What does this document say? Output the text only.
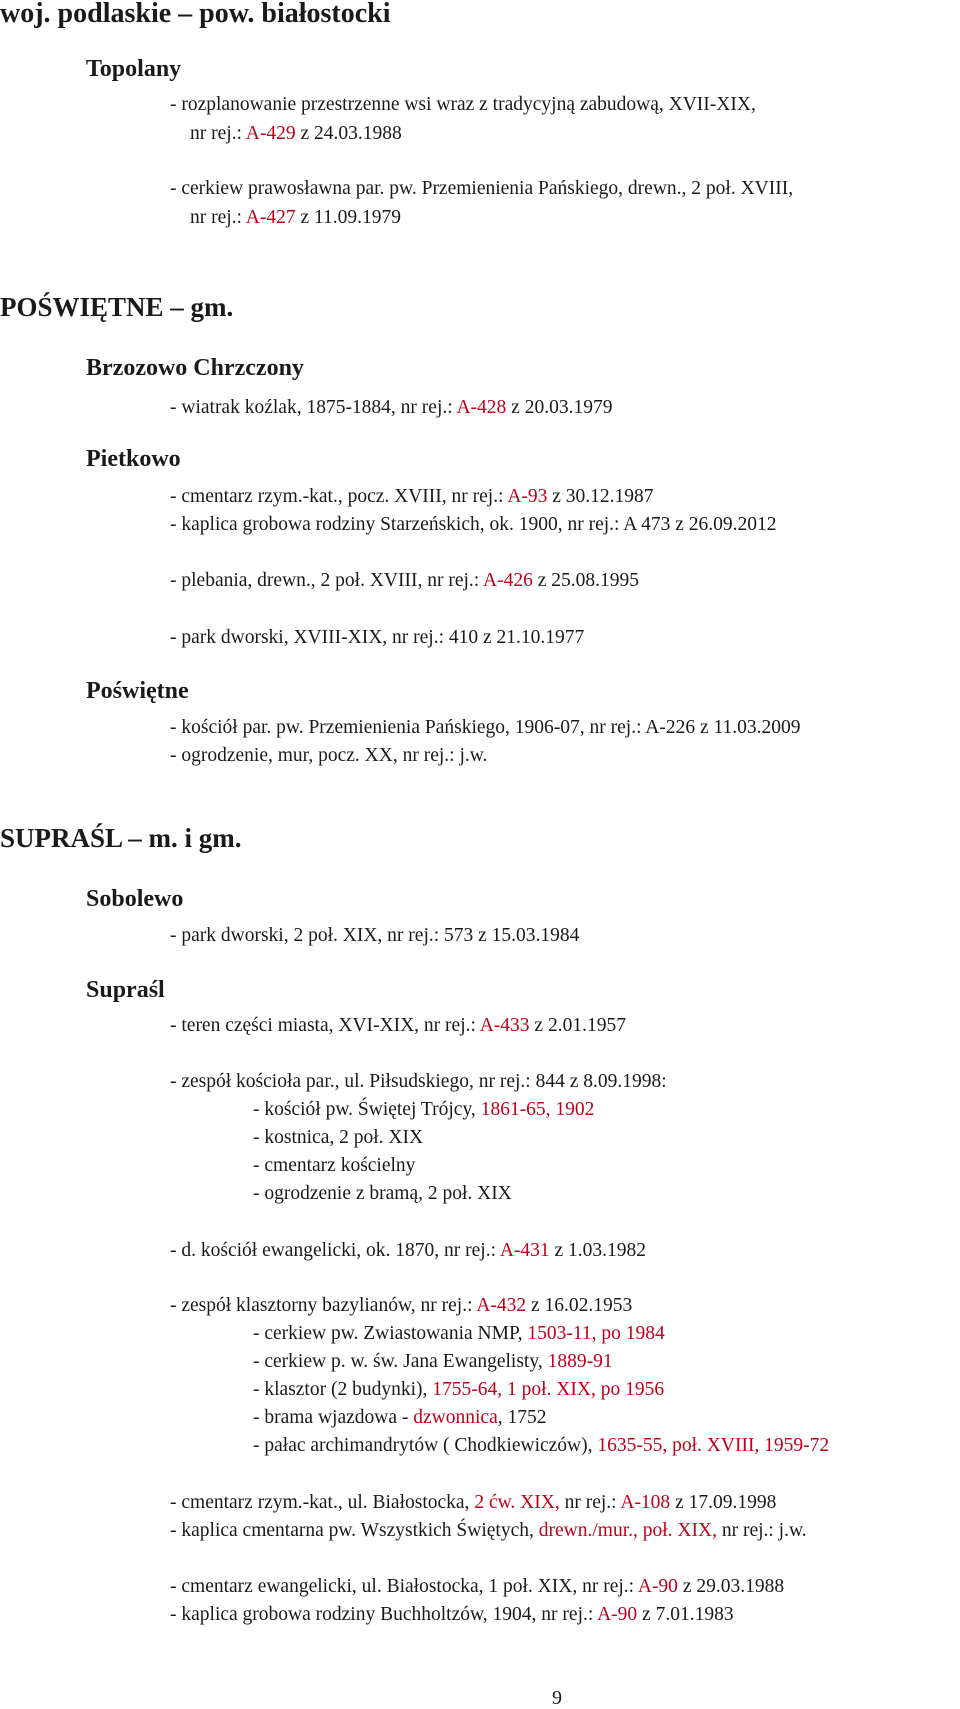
woj. podlaskie – pow. białostocki
Topolany
- rozplanowanie przestrzenne wsi wraz z tradycyjną zabudową, XVII-XIX,
nr rej.: A-429 z 24.03.1988
- cerkiew prawosławna par. pw. Przemienienia Pańskiego, drewn., 2 poł. XVIII,
nr rej.: A-427 z 11.09.1979
POŚWIĘTNE – gm.
Brzozowo Chrzczony
- wiatrak koźlak, 1875-1884, nr rej.: A-428 z 20.03.1979
Pietkowo
- cmentarz rzym.-kat., pocz. XVIII, nr rej.: A-93 z 30.12.1987
- kaplica grobowa rodziny Starzeńskich, ok. 1900, nr rej.: A 473 z 26.09.2012
- plebania, drewn., 2 poł. XVIII, nr rej.: A-426 z 25.08.1995
- park dworski, XVIII-XIX, nr rej.: 410 z 21.10.1977
Poświętne
- kościół par. pw. Przemienienia Pańskiego, 1906-07, nr rej.: A-226 z 11.03.2009
- ogrodzenie, mur, pocz. XX, nr rej.: j.w.
SUPRAŚL – m. i gm.
Sobolewo
- park dworski, 2 poł. XIX, nr rej.: 573 z 15.03.1984
Supraśl
- teren części miasta, XVI-XIX, nr rej.: A-433 z 2.01.1957
- zespół kościoła par., ul. Piłsudskiego, nr rej.: 844 z 8.09.1998:
- kościół pw. Świętej Trójcy, 1861-65, 1902
- kostnica, 2 poł. XIX
- cmentarz kościelny
- ogrodzenie z bramą, 2 poł. XIX
- d. kościół ewangelicki, ok. 1870, nr rej.: A-431 z 1.03.1982
- zespół klasztorny bazylianów, nr rej.: A-432 z 16.02.1953
- cerkiew pw. Zwiastowania NMP, 1503-11, po 1984
- cerkiew p. w. św. Jana Ewangelisty, 1889-91
- klasztor (2 budynki), 1755-64, 1 poł. XIX, po 1956
- brama wjazdowa - dzwonnica, 1752
- pałac archimandrytów ( Chodkiewiczów), 1635-55, poł. XVIII, 1959-72
- cmentarz rzym.-kat., ul. Białostocka, 2 ćw. XIX, nr rej.: A-108 z 17.09.1998
- kaplica cmentarna pw. Wszystkich Świętych, drewn./mur., poł. XIX, nr rej.: j.w.
- cmentarz ewangelicki, ul. Białostocka, 1 poł. XIX, nr rej.: A-90 z 29.03.1988
- kaplica grobowa rodziny Buchholtzów, 1904, nr rej.: A-90 z 7.01.1983
9
